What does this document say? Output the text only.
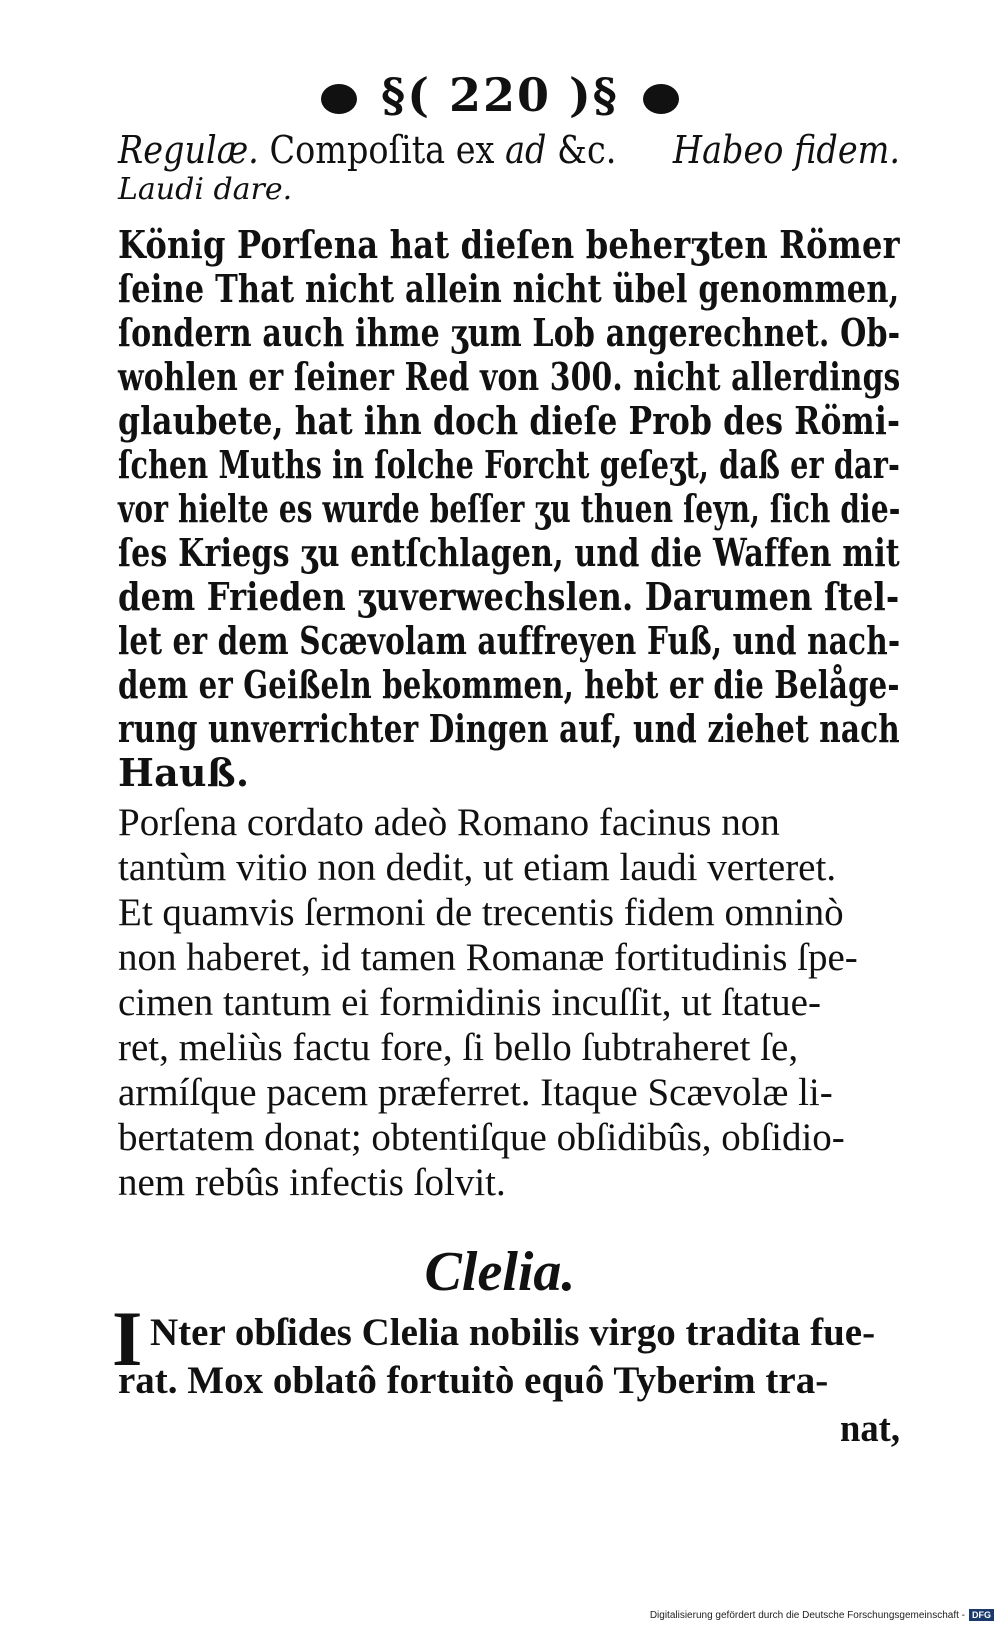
§( 220 )§
Regulæ. Compoſita ex ad &c. Habeo fidem.
Laudi dare.
König Porſena hat dieſen beherʒten Römer
ſeine That nicht allein nicht übel genommen,
ſondern auch ihme ʒum Lob angerechnet. Ob-
wohlen er ſeiner Red von 300. nicht allerdings
glaubete, hat ihn doch dieſe Prob des Römi-
ſchen Muths in ſolche Forcht geſeʒt, daß er dar-
vor hielte es wurde beſſer ʒu thuen ſeyn, ſich die-
ſes Kriegs ʒu entſchlagen, und die Waffen mit
dem Frieden ʒuverwechslen. Darumen ſtel-
let er dem Scævolam auffreyen Fuß, und nach-
dem er Geißeln bekommen, hebt er die Belåge-
rung unverrichter Dingen auf, und ziehet nach
Hauß.
Porſena cordato adeò Romano facinus non
tantùm vitio non dedit, ut etiam laudi verteret.
Et quamvis ſermoni de trecentis fidem omninò
non haberet, id tamen Romanæ fortitudinis ſpe-
cimen tantum ei formidinis incuſſit, ut ſtatue-
ret, meliùs factu fore, ſi bello ſubtraheret ſe,
armíſque pacem præferret. Itaque Scævolæ li-
bertatem donat; obtentiſque obſidibûs, obſidio-
nem rebûs infectis ſolvit.
Clelia.
I Nter obſides Clelia nobilis virgo tradita fue-
rat. Mox oblatô fortuitò equô Tyberim tra-
nat,
Digitalisierung gefördert durch die Deutsche Forschungsgemeinschaft - DFG
